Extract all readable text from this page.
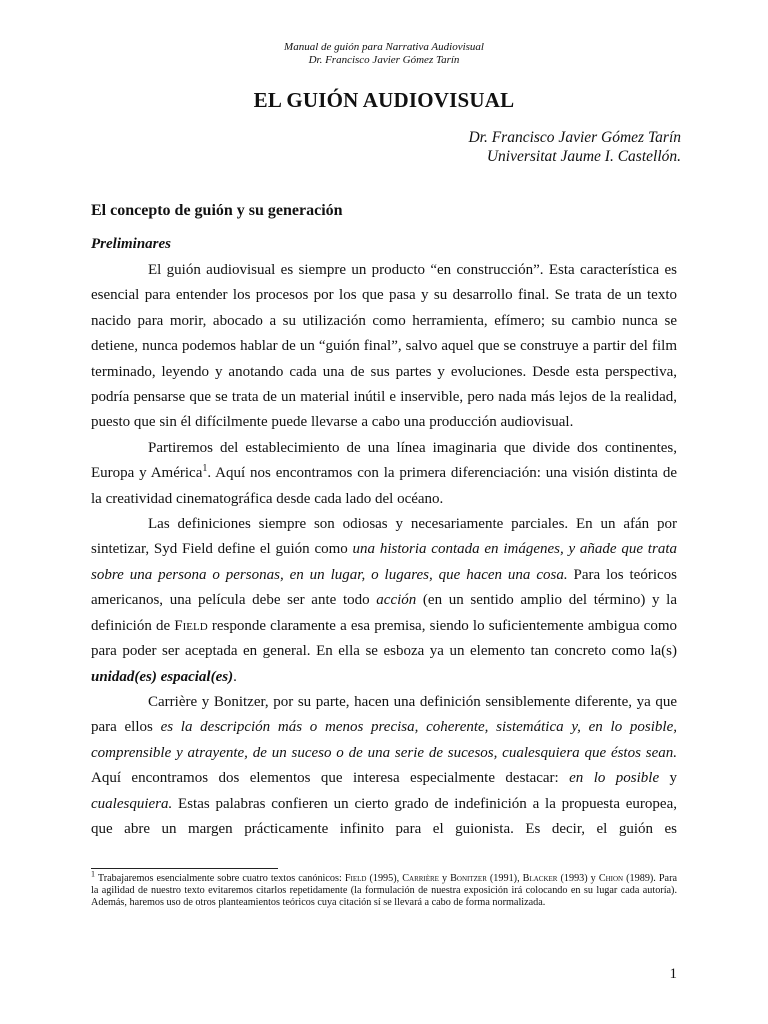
Manual de guión para Narrativa Audiovisual
Dr. Francisco Javier Gómez Tarín
EL GUIÓN AUDIOVISUAL
Dr. Francisco Javier Gómez Tarín
Universitat Jaume I. Castellón.
El concepto de guión y su generación
Preliminares

El guión audiovisual es siempre un producto “en construcción”. Esta característica es esencial para entender los procesos por los que pasa y su desarrollo final. Se trata de un texto nacido para morir, abocado a su utilización como herramienta, efímero; su cambio nunca se detiene, nunca podemos hablar de un “guión final”, salvo aquel que se construye a partir del film terminado, leyendo y anotando cada una de sus partes y evoluciones. Desde esta perspectiva, podría pensarse que se trata de un material inútil e inservible, pero nada más lejos de la realidad, puesto que sin él difícilmente puede llevarse a cabo una producción audiovisual.

Partiremos del establecimiento de una línea imaginaria que divide dos continentes, Europa y América$^1$. Aquí nos encontramos con la primera diferenciación: una visión distinta de la creatividad cinematográfica desde cada lado del océano.

Las definiciones siempre son odiosas y necesariamente parciales. En un afán por sintetizar, Syd Field define el guión como una historia contada en imágenes, y añade que trata sobre una persona o personas, en un lugar, o lugares, que hacen una cosa. Para los teóricos americanos, una película debe ser ante todo acción (en un sentido amplio del término) y la definición de Field responde claramente a esa premisa, siendo lo suficientemente ambigua como para poder ser aceptada en general. En ella se esboza ya un elemento tan concreto como la(s) unidad(es) espacial(es).

Carrière y Bonitzer, por su parte, hacen una definición sensiblemente diferente, ya que para ellos es la descripción más o menos precisa, coherente, sistemática y, en lo posible, comprensible y atrayente, de un suceso o de una serie de sucesos, cualesquiera que éstos sean. Aquí encontramos dos elementos que interesa especialmente destacar: en lo posible y cualesquiera. Estas palabras confieren un cierto grado de indefinición a la propuesta europea, que abre un margen prácticamente infinito para el guionista. Es decir, el guión es

$^1$ Trabajaremos esencialmente sobre cuatro textos canónicos: Field (1995), Carrière y Bonitzer (1991), Blacker (1993) y Chion (1989). Para la agilidad de nuestro texto evitaremos citarlos repetidamente (la formulación de nuestra exposición irá colocando en su lugar cada autoría). Además, haremos uso de otros planteamientos teóricos cuya citación sí se llevará a cabo de forma normalizada.
1
